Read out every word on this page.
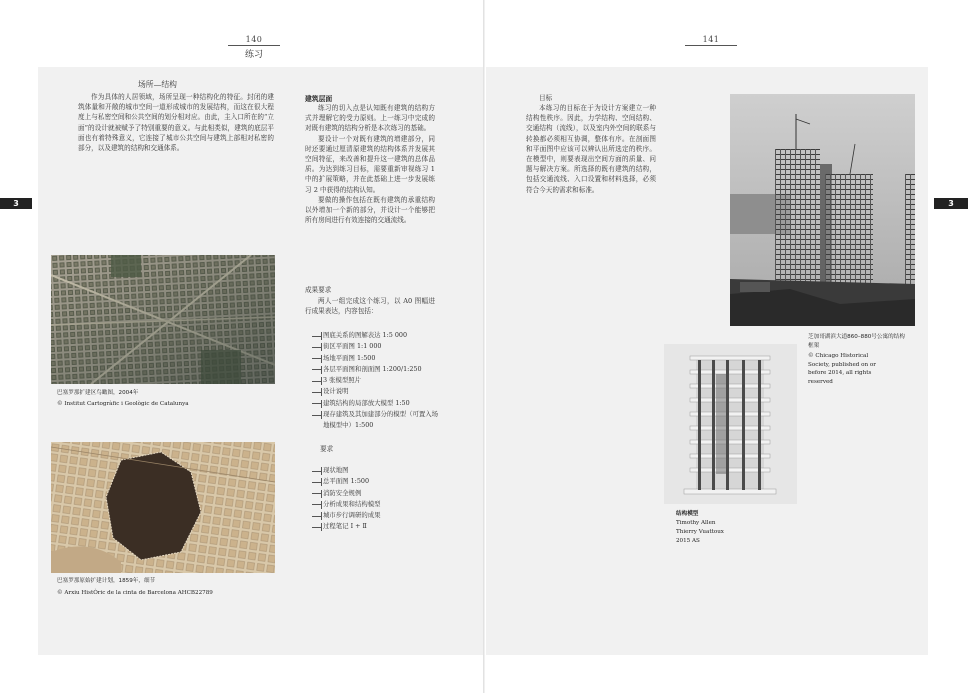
140
练习
3
141
3
场所—结构
作为具体的人居领域，场所呈现一种结构化的特征。封闭的建筑体量和开敞的城市空间一道形成城市的发展结构，而这在很大程度上与私密空间和公共空间的划分相对应。由此，主入口所在的“立面”的设计就被赋予了特别重要的意义。与此相类似，建筑的底层平面也有着特殊意义，它连接了城市公共空间与建筑上部相对私密的部分，以及建筑的结构和交通体系。
巴塞罗那扩建区鸟瞰图，2004年
© Institut Cartogràfic i Geològic de Catalunya
巴塞罗那原始扩建计划，1859年，细节
© Arxiu HistÒric de la cinta de Barcelona AHCB22789
建筑层面

练习的切入点是认知既有建筑的结构方式并理解它的受力原则。上一练习中完成的对既有建筑的结构分析是本次练习的基础。

要设计一个对既有建筑的增建部分，同时还要通过厘清原建筑的结构体系并发展其空间特征，来改善和提升这一建筑的总体品质。为达到练习目标，需要重新审视练习 1 中的扩展策略，并在此基础上进一步发展练习 2 中获得的结构认知。

要做的操作包括在既有建筑的承重结构以外增加一个新的部分，并设计一个能够把所有房间进行有效连接的交通流线。

成果要求
两人一组完成这个练习，以 A0 图幅进行成果表达，内容包括：
图底关系的图解表达 1:5 000
街区平面图 1:1 000
场地平面图 1:500
各层平面图和剖面图 1:200/1:250
3 张模型照片
设计说明
建筑结构的局部放大模型 1:50
现存建筑及其加建部分的模型（可置入场地模型中）1:500
要求
现状地图
总平面图 1:500
消防安全规例
分析成果和结构模型
城市步行调研的成果
过程笔记 Ⅰ + Ⅱ
目标
本练习的目标在于为设计方案建立一种结构性秩序。因此，力学结构、空间结构、交通结构（流线），以及室内外空间的联系与转换都必须相互协调，整体有序。在剖面图和平面图中应该可以辨认出所选定的秩序。在模型中，则要表现出空间方面的质量、问题与解决方案。所选择的既有建筑的结构，包括交通流线、入口设置和材料选择，必须符合今天的需求和标准。
芝加哥湖滨大道860–880号公寓的结构框架
© Chicago Historical Society, published on or before 2014, all rights reserved
结构模型
Timothy Allen
Thierry Vuattoux
2015 AS
